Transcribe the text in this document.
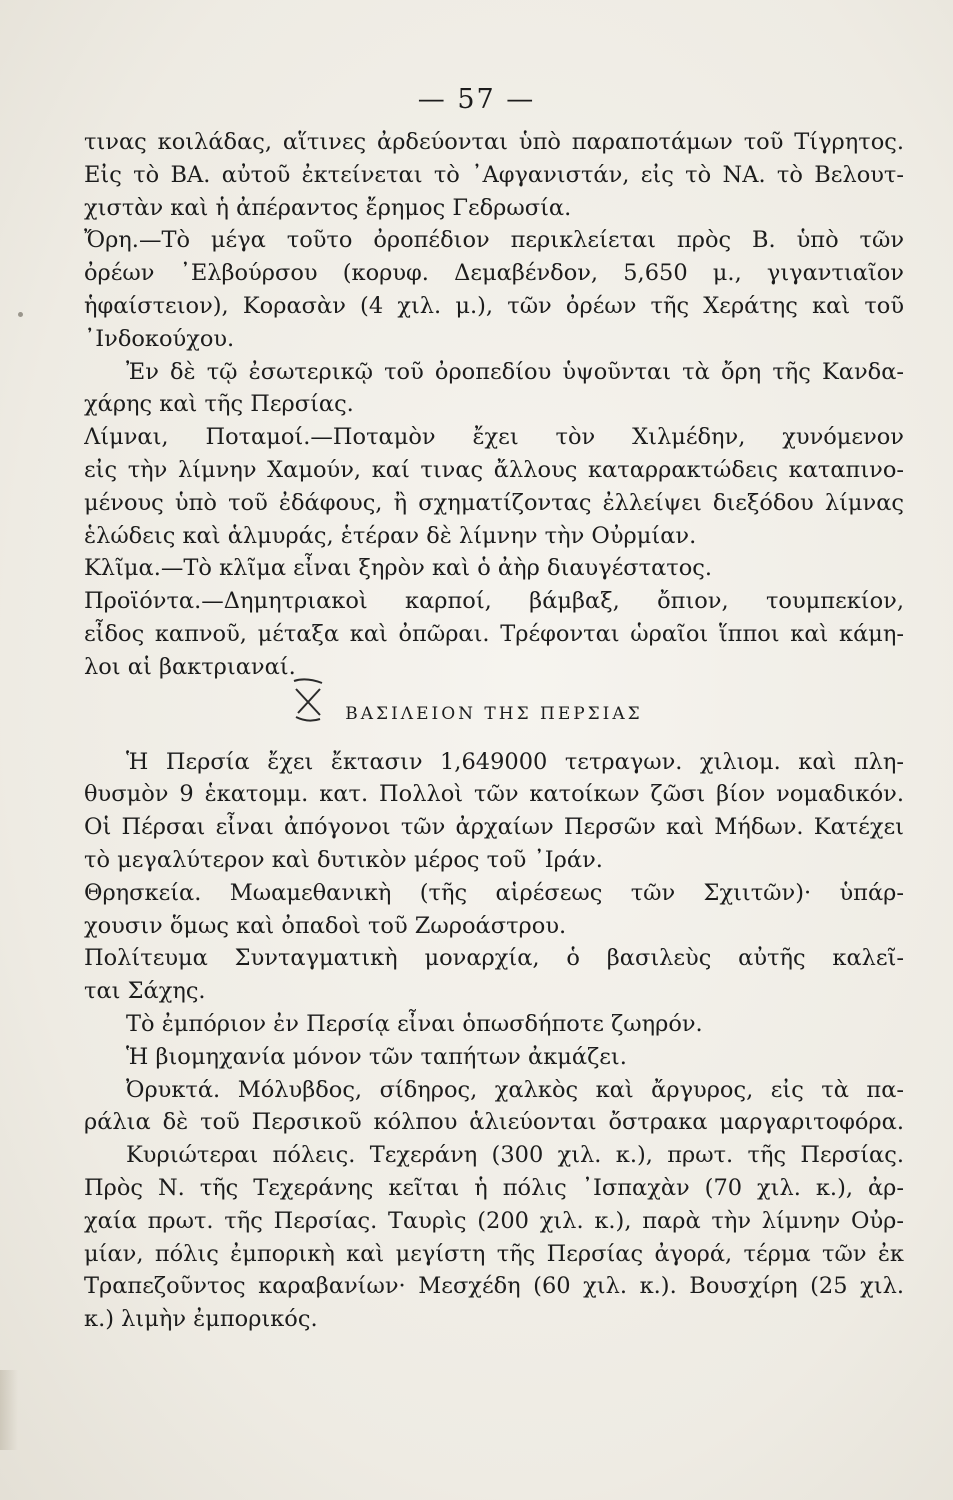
— 57 —
τινας κοιλάδας, αἵτινες ἀρδεύονται ὑπὸ παραποτάμων τοῦ Τίγρητος.
Εἰς τὸ ΒΑ. αὐτοῦ ἐκτείνεται τὸ ᾿Αφγανιστάν, εἰς τὸ ΝΑ. τὸ Βελουτ-
χιστὰν καὶ ἡ ἀπέραντος ἔρημος Γεδρωσία.
Ὄρη.—Τὸ μέγα τοῦτο ὀροπέδιον περικλείεται πρὸς Β. ὑπὸ τῶν
ὀρέων ᾿Ελβούρσου (κορυφ. Δεμαβένδον, 5,650 μ., γιγαντιαῖον
ἡφαίστειον), Κορασὰν (4 χιλ. μ.), τῶν ὀρέων τῆς Χεράτης καὶ τοῦ
᾿Ινδοκούχου.
Ἐν δὲ τῷ ἐσωτερικῷ τοῦ ὀροπεδίου ὑψοῦνται τὰ ὄρη τῆς Κανδα-
χάρης καὶ τῆς Περσίας.
Λίμναι, Ποταμοί.—Ποταμὸν ἔχει τὸν Χιλμέδην, χυνόμενον
εἰς τὴν λίμνην Χαμούν, καί τινας ἄλλους καταρρακτώδεις καταπινο-
μένους ὑπὸ τοῦ ἐδάφους, ἢ σχηματίζοντας ἐλλείψει διεξόδου λίμνας
ἑλώδεις καὶ ἁλμυράς, ἑτέραν δὲ λίμνην τὴν Οὐρμίαν.
Κλῖμα.—Τὸ κλῖμα εἶναι ξηρὸν καὶ ὁ ἀὴρ διαυγέστατος.
Προϊόντα.—Δημητριακοὶ καρποί, βάμβαξ, ὄπιον, τουμπεκίον,
εἶδος καπνοῦ, μέταξα καὶ ὀπῶραι. Τρέφονται ὡραῖοι ἵπποι καὶ κάμη-
λοι αἱ βακτριαναί.
ΒΑΣΙΛΕΙΟΝ ΤΗΣ ΠΕΡΣΙΑΣ
Ἡ Περσία ἔχει ἔκτασιν 1,649000 τετραγων. χιλιομ. καὶ πλη-
θυσμὸν 9 ἑκατομμ. κατ. Πολλοὶ τῶν κατοίκων ζῶσι βίον νομαδικόν.
Οἱ Πέρσαι εἶναι ἀπόγονοι τῶν ἀρχαίων Περσῶν καὶ Μήδων. Κατέχει
τὸ μεγαλύτερον καὶ δυτικὸν μέρος τοῦ ᾿Ιράν.
Θρησκεία. Μωαμεθανικὴ (τῆς αἱρέσεως τῶν Σχιιτῶν)· ὑπάρ-
χουσιν ὅμως καὶ ὀπαδοὶ τοῦ Ζωροάστρου.
Πολίτευμα Συνταγματικὴ μοναρχία, ὁ βασιλεὺς αὐτῆς καλεῖ-
ται Σάχης.
Τὸ ἐμπόριον ἐν Περσίᾳ εἶναι ὁπωσδήποτε ζωηρόν.
Ἡ βιομηχανία μόνον τῶν ταπήτων ἀκμάζει.
Ὀρυκτά. Μόλυβδος, σίδηρος, χαλκὸς καὶ ἄργυρος, εἰς τὰ πα-
ράλια δὲ τοῦ Περσικοῦ κόλπου ἁλιεύονται ὄστρακα μαργαριτοφόρα.
Κυριώτεραι πόλεις. Τεχεράνη (300 χιλ. κ.), πρωτ. τῆς Περσίας.
Πρὸς Ν. τῆς Τεχεράνης κεῖται ἡ πόλις ᾿Ισπαχὰν (70 χιλ. κ.), ἀρ-
χαία πρωτ. τῆς Περσίας. Ταυρὶς (200 χιλ. κ.), παρὰ τὴν λίμνην Οὐρ-
μίαν, πόλις ἐμπορικὴ καὶ μεγίστη τῆς Περσίας ἀγορά, τέρμα τῶν ἐκ
Τραπεζοῦντος καραβανίων· Μεσχέδη (60 χιλ. κ.). Βουσχίρη (25 χιλ.
κ.) λιμὴν ἐμπορικός.
